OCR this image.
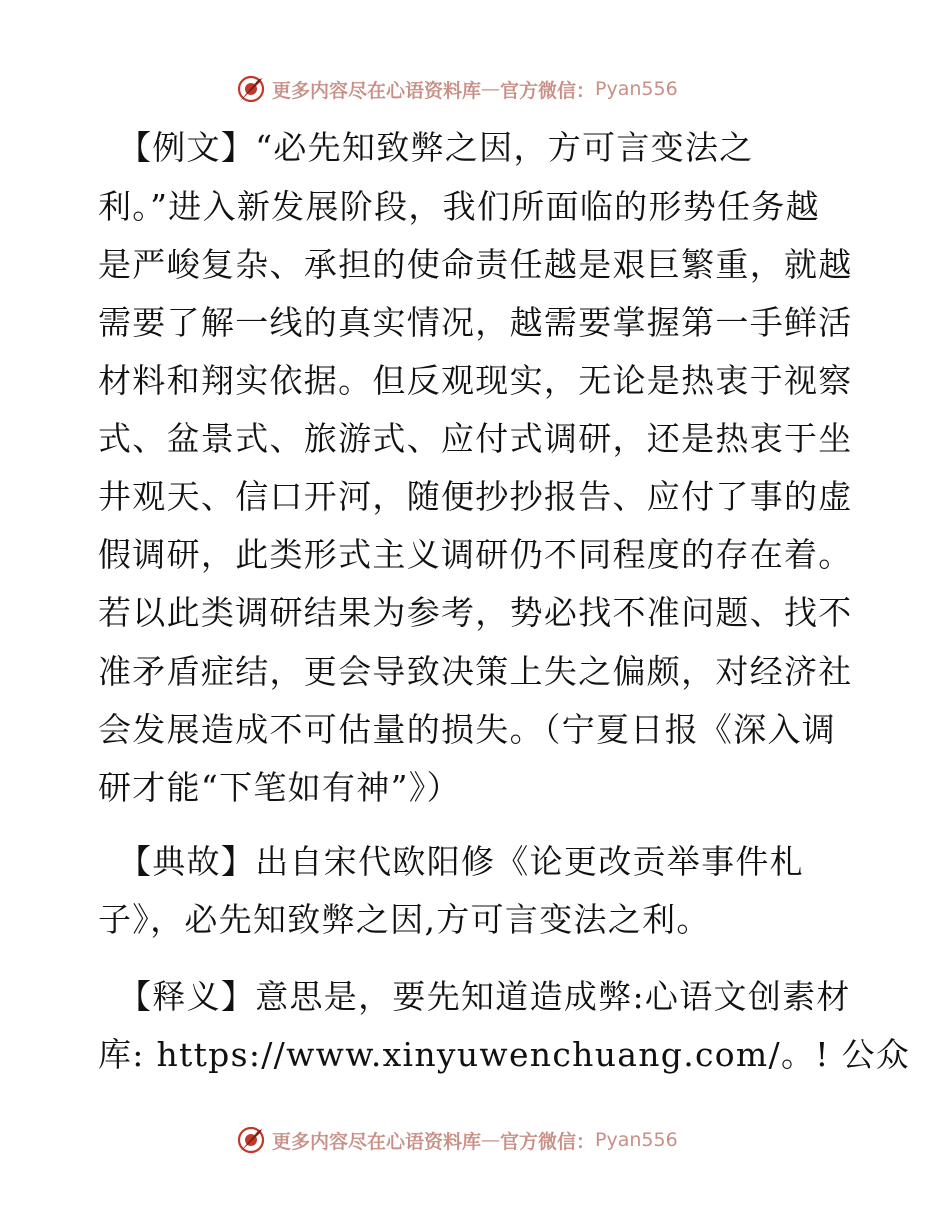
更多内容尽在心语资料库 — 官方微信： Pyan556
【例文】“必先知致弊之因，方可言变法之
利。”进入新发展阶段，我们所面临的形势任务越
是严峻复杂、承担的使命责任越是艰巨繁重，就越
需要了解一线的真实情况，越需要掌握第一手鲜活
材料和翔实依据。但反观现实，无论是热衷于视察
式、盆景式、旅游式、应付式调研，还是热衷于坐
井观天、信口开河，随便抄抄报告、应付了事的虚
假调研，此类形式主义调研仍不同程度的存在着。
若以此类调研结果为参考，势必找不准问题、找不
准矛盾症结，更会导致决策上失之偏颇，对经济社
会发展造成不可估量的损失。（宁夏日报《深入调
研才能“下笔如有神”》）
【典故】出自宋代欧阳修《论更改贡举事件札
子》，必先知致弊之因,方可言变法之利。
【释义】意思是，要先知道造成弊:心语文创素材
库: https://www.xinyuwenchuang.com/。! 公众
更多内容尽在心语资料库 — 官方微信： Pyan556
